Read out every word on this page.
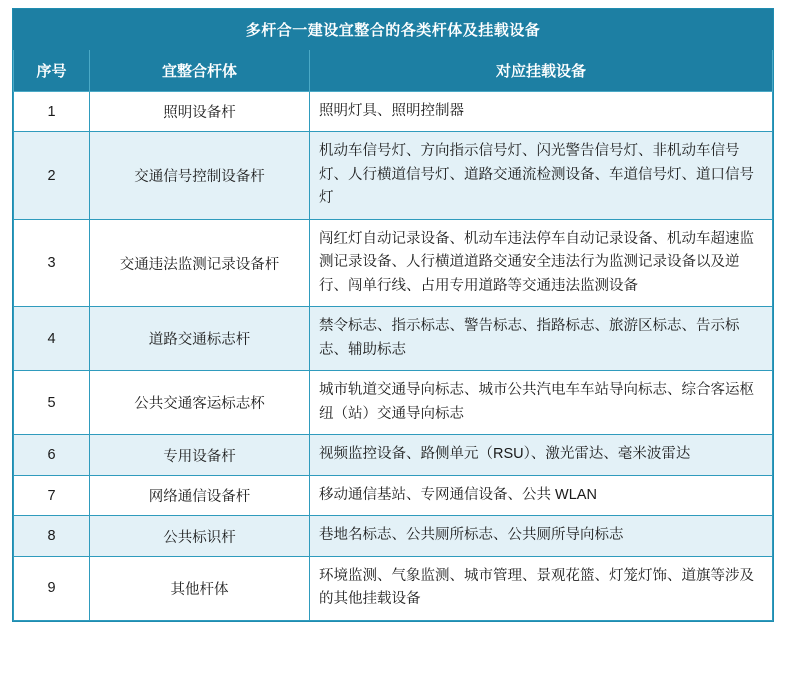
多杆合一建设宜整合的各类杆体及挂载设备		
序号	宜整合杆体	对应挂载设备
1	照明设备杆	照明灯具、照明控制器
2	交通信号控制设备杆	机动车信号灯、方向指示信号灯、闪光警告信号灯、非机动车信号灯、人行横道信号灯、道路交通流检测设备、车道信号灯、道口信号灯
3	交通违法监测记录设备杆	闯红灯自动记录设备、机动车违法停车自动记录设备、机动车超速监测记录设备、人行横道道路交通安全违法行为监测记录设备以及逆行、闯单行线、占用专用道路等交通违法监测设备
4	道路交通标志杆	禁令标志、指示标志、警告标志、指路标志、旅游区标志、告示标志、辅助标志
5	公共交通客运标志杯	城市轨道交通导向标志、城市公共汽电车车站导向标志、综合客运枢纽（站）交通导向标志
6	专用设备杆	视频监控设备、路侧单元（RSU）、激光雷达、毫米波雷达
7	网络通信设备杆	移动通信基站、专网通信设备、公共 WLAN
8	公共标识杆	巷地名标志、公共厕所标志、公共厕所导向标志
9	其他杆体	环境监测、气象监测、城市管理、景观花篮、灯笼灯饰、道旗等涉及的其他挂载设备
